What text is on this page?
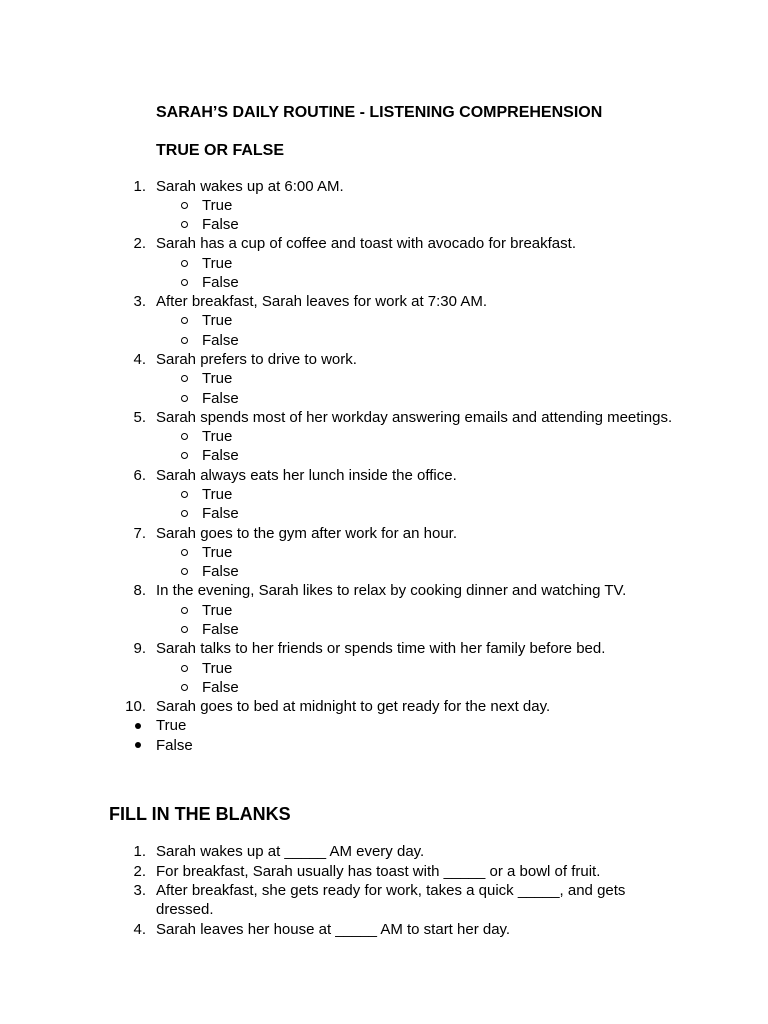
SARAH’S DAILY ROUTINE - LISTENING COMPREHENSION
TRUE OR FALSE
1. Sarah wakes up at 6:00 AM.
True
False
2. Sarah has a cup of coffee and toast with avocado for breakfast.
True
False
3. After breakfast, Sarah leaves for work at 7:30 AM.
True
False
4. Sarah prefers to drive to work.
True
False
5. Sarah spends most of her workday answering emails and attending meetings.
True
False
6. Sarah always eats her lunch inside the office.
True
False
7. Sarah goes to the gym after work for an hour.
True
False
8. In the evening, Sarah likes to relax by cooking dinner and watching TV.
True
False
9. Sarah talks to her friends or spends time with her family before bed.
True
False
10. Sarah goes to bed at midnight to get ready for the next day.
True
False
FILL IN THE BLANKS
1. Sarah wakes up at _____ AM every day.
2. For breakfast, Sarah usually has toast with _____ or a bowl of fruit.
3. After breakfast, she gets ready for work, takes a quick _____, and gets
dressed.
4. Sarah leaves her house at _____ AM to start her day.
